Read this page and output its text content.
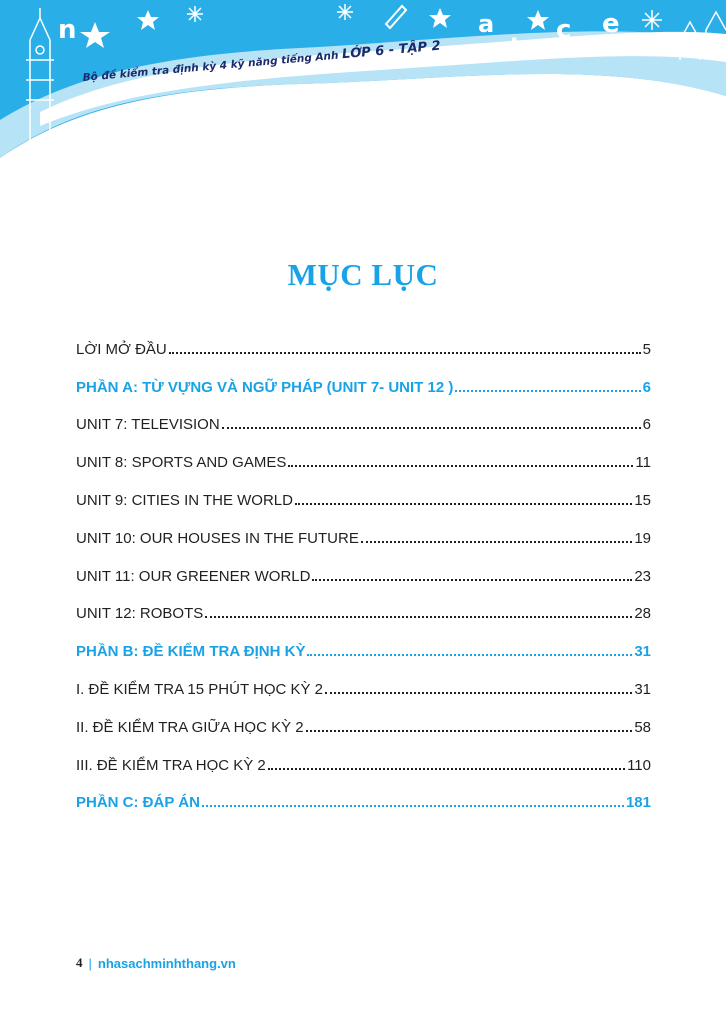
n	a
b
c e
Bộ đề kiểm tra định kỳ 4 kỹ năng tiếng Anh LỚP 6 - TẬP 2
MỤC LỤC
LỜI MỞ ĐẦU	5
PHẦN A: TỪ VỰNG VÀ NGỮ PHÁP (UNIT 7- UNIT 12 )	6
UNIT 7: TELEVISION	6
UNIT 8: SPORTS AND GAMES	11
UNIT 9: CITIES IN THE WORLD	15
UNIT 10: OUR HOUSES IN THE FUTURE	19
UNIT 11: OUR GREENER WORLD	23
UNIT 12: ROBOTS	28
PHẦN B: ĐỀ KIỂM TRA ĐỊNH KỲ	31
I. ĐỀ KIỂM TRA 15 PHÚT HỌC KỲ 2	31
II. ĐỀ KIỂM TRA GIỮA HỌC KỲ 2	58
III. ĐỀ KIỂM TRA HỌC KỲ 2	110
PHẦN C: ĐÁP ÁN	181
4 | nhasachminhthang.vn
